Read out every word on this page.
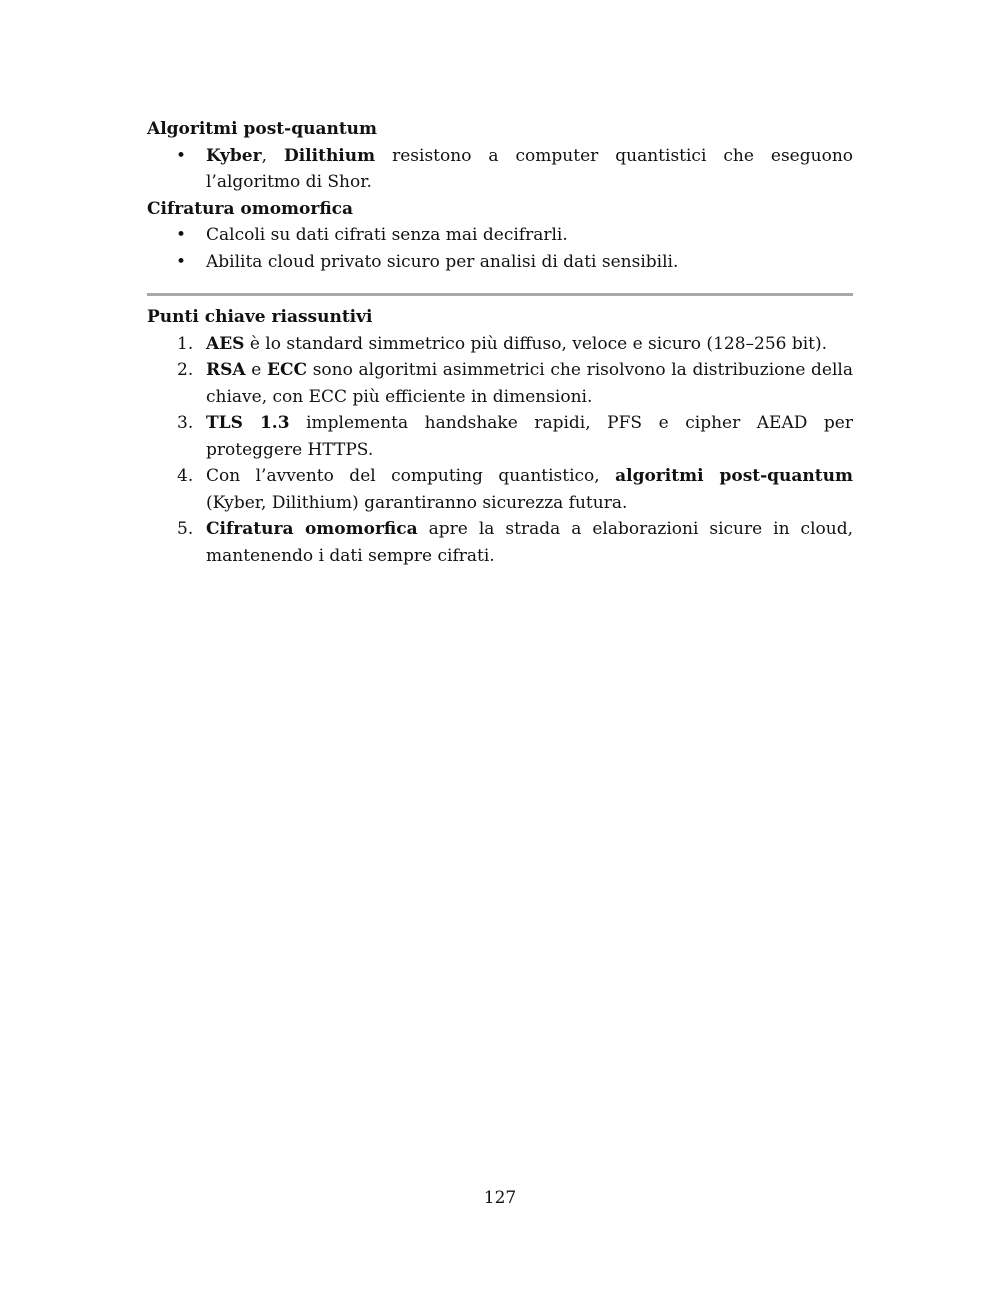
Algoritmi post-quantum

• Kyber, Dilithium resistono a computer quantistici che eseguono l’algoritmo di Shor.

Cifratura omomorfica

• Calcoli su dati cifrati senza mai decifrarli.
• Abilita cloud privato sicuro per analisi di dati sensibili.

Punti chiave riassuntivi

1. AES è lo standard simmetrico più diffuso, veloce e sicuro (128–256 bit).
2. RSA e ECC sono algoritmi asimmetrici che risolvono la distribuzione della chiave, con ECC più efficiente in dimensioni.
3. TLS 1.3 implementa handshake rapidi, PFS e cipher AEAD per proteggere HTTPS.
4. Con l’avvento del computing quantistico, algoritmi post-quantum (Kyber, Dilithium) garantiranno sicurezza futura.
5. Cifratura omomorfica apre la strada a elaborazioni sicure in cloud, mantenendo i dati sempre cifrati.
127
